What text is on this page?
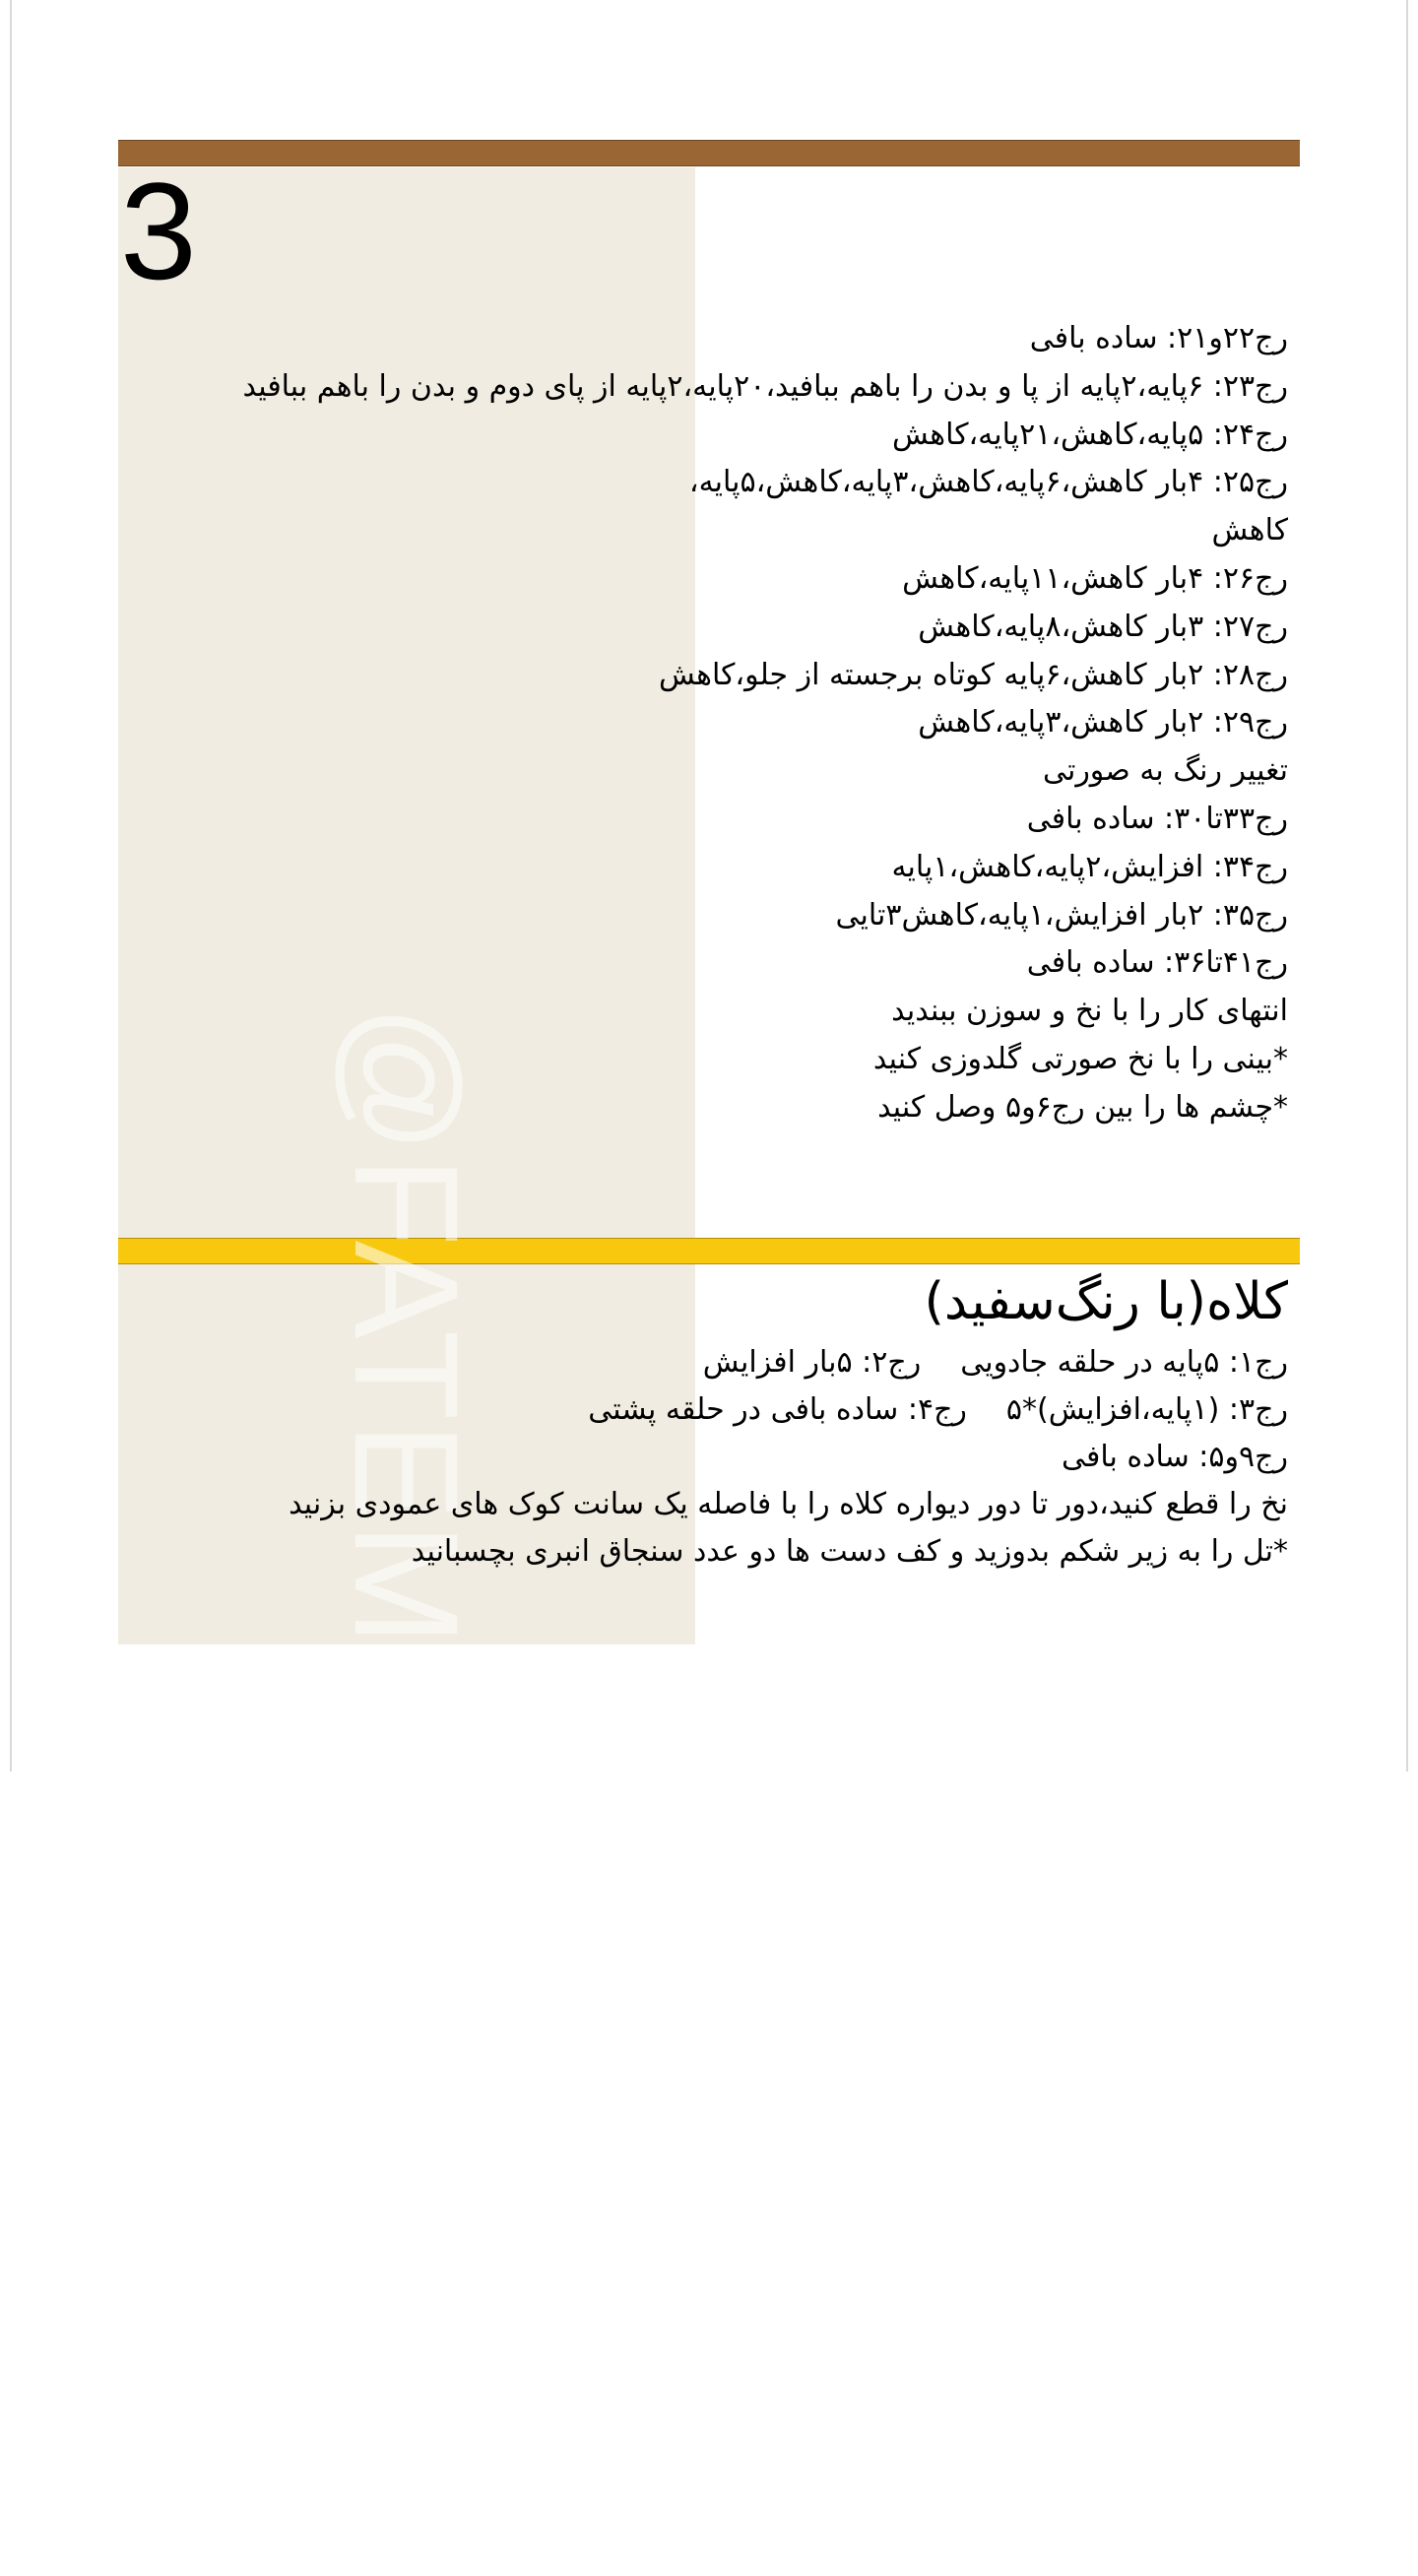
@FATEME_CROCHET
3
رج۲۲و۲۱: ساده بافی
رج۲۳: ۶پایه،۲پایه از پا و بدن را باهم ببافید،۲۰پایه،۲پایه از پای دوم و بدن را باهم ببافید
رج۲۴: ۵پایه،کاهش،۲۱پایه،کاهش
رج۲۵: ۴بار کاهش،۶پایه،کاهش،۳پایه،کاهش،۵پایه،
کاهش
رج۲۶: ۴بار کاهش،۱۱پایه،کاهش
رج۲۷: ۳بار کاهش،۸پایه،کاهش
رج۲۸: ۲بار کاهش،۶پایه کوتاه برجسته از جلو،کاهش
رج۲۹: ۲بار کاهش،۳پایه،کاهش
تغییر رنگ به صورتی
رج۳۳تا۳۰: ساده بافی
رج۳۴: افزایش،۲پایه،کاهش،۱پایه
رج۳۵: ۲بار افزایش،۱پایه،کاهش۳تایی
رج۴۱تا۳۶: ساده بافی
انتهای کار را با نخ و سوزن ببندید
*بینی را با نخ صورتی گلدوزی کنید
*چشم ها را بین رج۶و۵ وصل کنید
کلاه(با رنگ‌سفید)
رج۱: ۵پایه در حلقه جادوییرج۲: ۵بار افزایش
رج۳: (۱پایه،افزایش)*۵رج۴: ساده بافی در حلقه پشتی
رج۹و۵: ساده بافی
نخ را قطع کنید،دور تا دور دیواره کلاه را با فاصله یک سانت کوک های عمودی بزنید
*تل را به زیر شکم بدوزید و کف دست ها دو عدد سنجاق انبری بچسبانید
